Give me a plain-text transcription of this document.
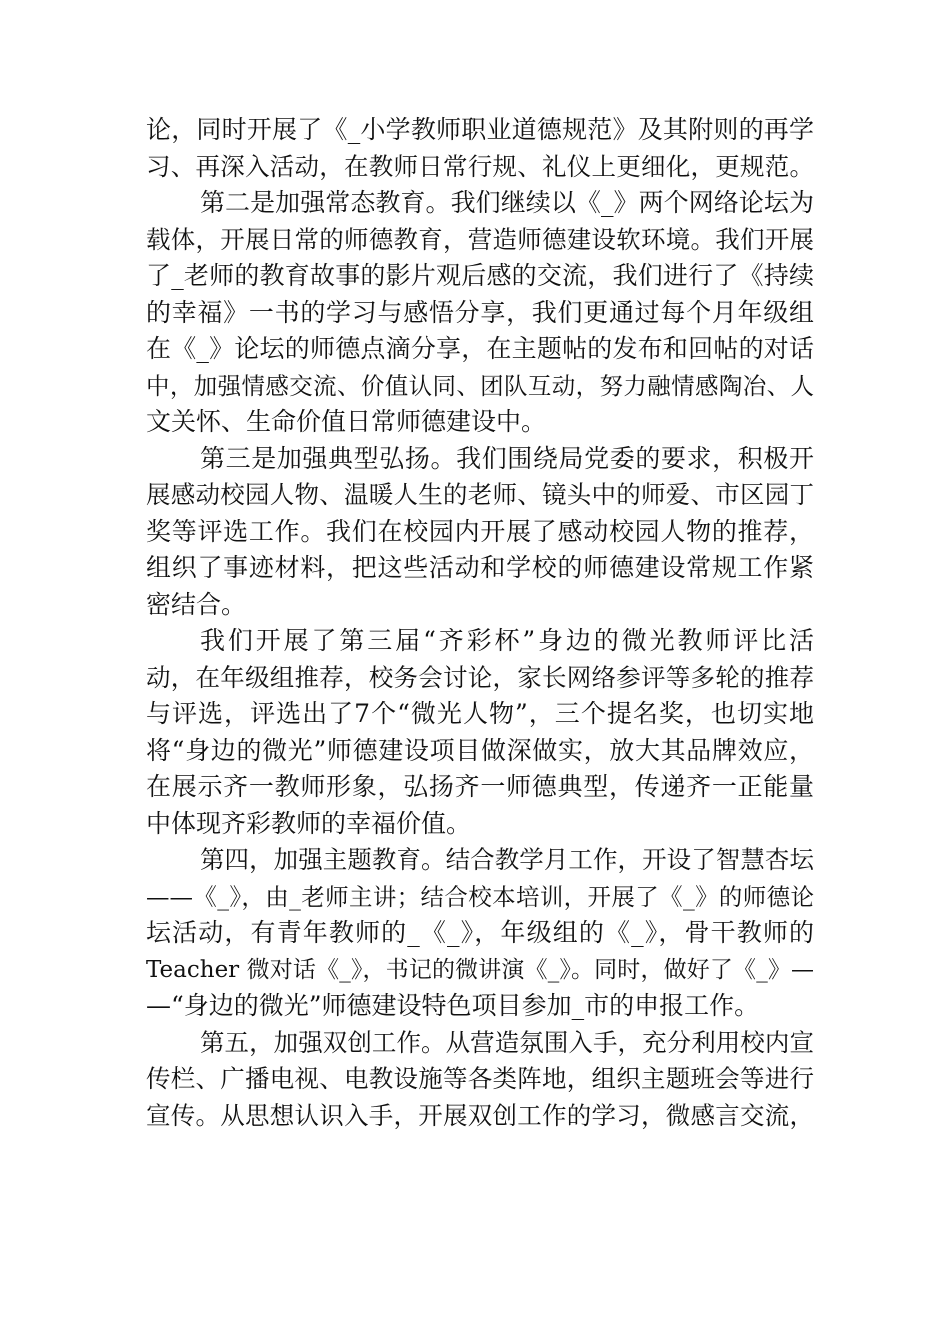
论，同时开展了《_小学教师职业道德规范》及其附则的再学
习、再深入活动，在教师日常行规、礼仪上更细化，更规范。
第二是加强常态教育。我们继续以《_》两个网络论坛为
载体，开展日常的师德教育，营造师德建设软环境。我们开展
了_老师的教育故事的影片观后感的交流，我们进行了《持续
的幸福》一书的学习与感悟分享，我们更通过每个月年级组
在《_》论坛的师德点滴分享，在主题帖的发布和回帖的对话
中，加强情感交流、价值认同、团队互动，努力融情感陶冶、人
文关怀、生命价值日常师德建设中。
第三是加强典型弘扬。我们围绕局党委的要求，积极开
展感动校园人物、温暖人生的老师、镜头中的师爱、市区园丁
奖等评选工作。我们在校园内开展了感动校园人物的推荐，
组织了事迹材料，把这些活动和学校的师德建设常规工作紧
密结合。
我们开展了第三届“齐彩杯”身边的微光教师评比活
动，在年级组推荐，校务会讨论，家长网络参评等多轮的推荐
与评选，评选出了7个“微光人物”，三个提名奖，也切实地
将“身边的微光”师德建设项目做深做实，放大其品牌效应，
在展示齐一教师形象，弘扬齐一师德典型，传递齐一正能量
中体现齐彩教师的幸福价值。
第四，加强主题教育。结合教学月工作，开设了智慧杏坛
——《_》，由_老师主讲；结合校本培训，开展了《_》的师德论
坛活动，有青年教师的_《_》，年级组的《_》，骨干教师的
Teacher 微对话《_》，书记的微讲演《_》。同时，做好了《_》—
—“身边的微光”师德建设特色项目参加_市的申报工作。
第五，加强双创工作。从营造氛围入手，充分利用校内宣
传栏、广播电视、电教设施等各类阵地，组织主题班会等进行
宣传。从思想认识入手，开展双创工作的学习，微感言交流，
